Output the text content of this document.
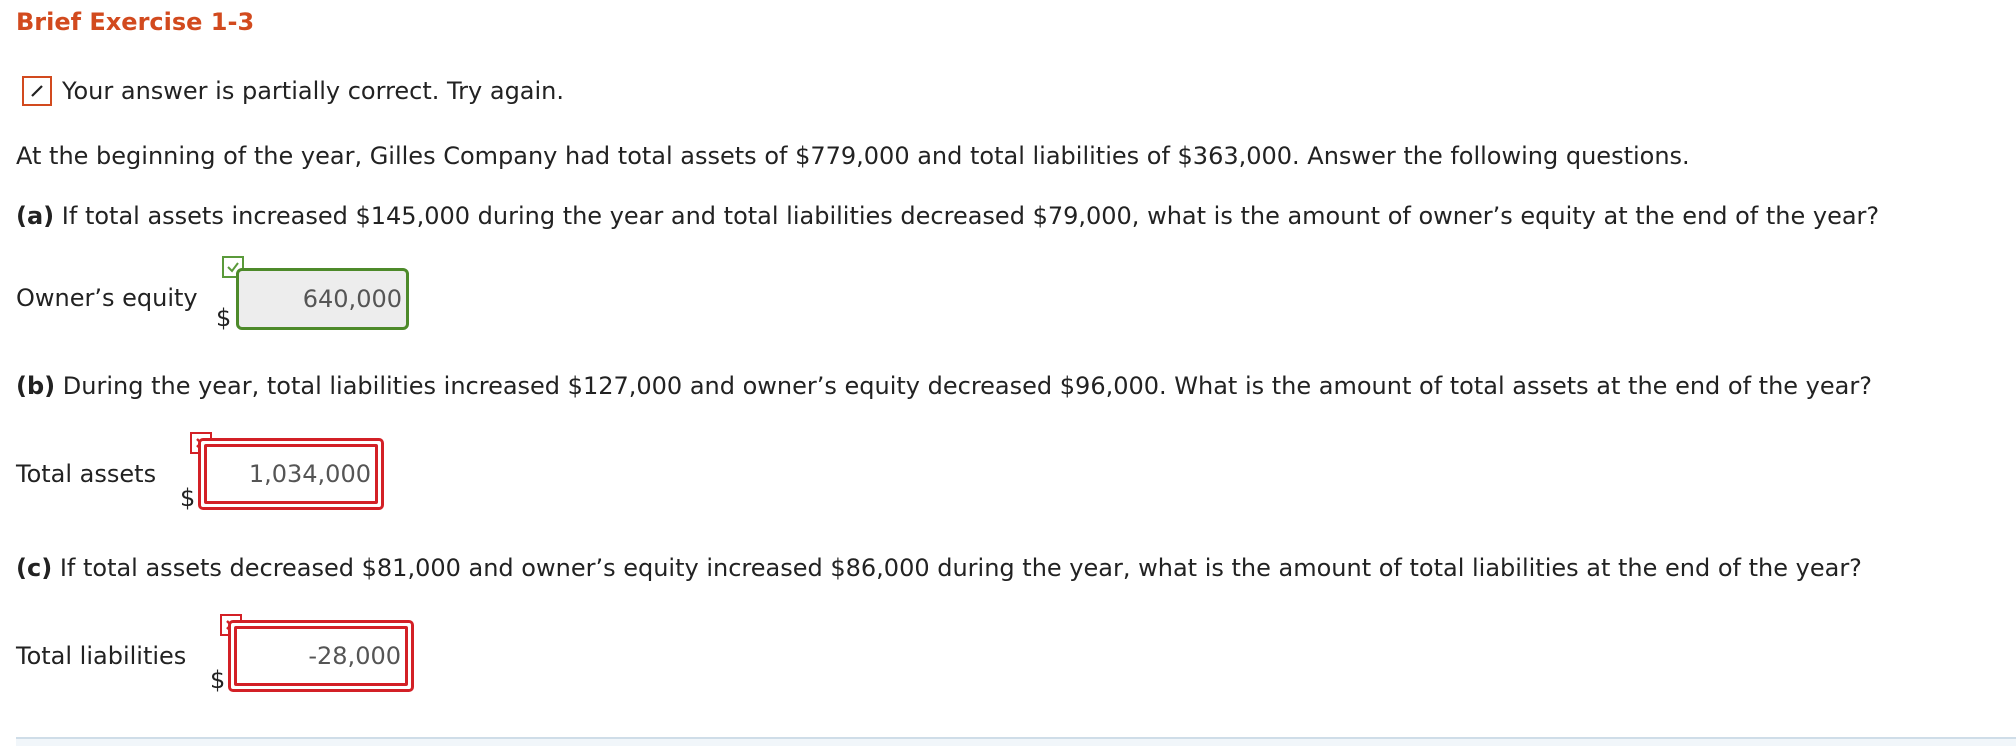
Brief Exercise 1-3
Your answer is partially correct. Try again.

At the beginning of the year, Gilles Company had total assets of $779,000 and total liabilities of $363,000. Answer the following questions.

(a) If total assets increased $145,000 during the year and total liabilities decreased $79,000, what is the amount of owner’s equity at the end of the year?

Owner’s equity
$
640,000

(b) During the year, total liabilities increased $127,000 and owner’s equity decreased $96,000. What is the amount of total assets at the end of the year?

Total assets
$
1,034,000

(c) If total assets decreased $81,000 and owner’s equity increased $86,000 during the year, what is the amount of total liabilities at the end of the year?

Total liabilities
$
-28,000
